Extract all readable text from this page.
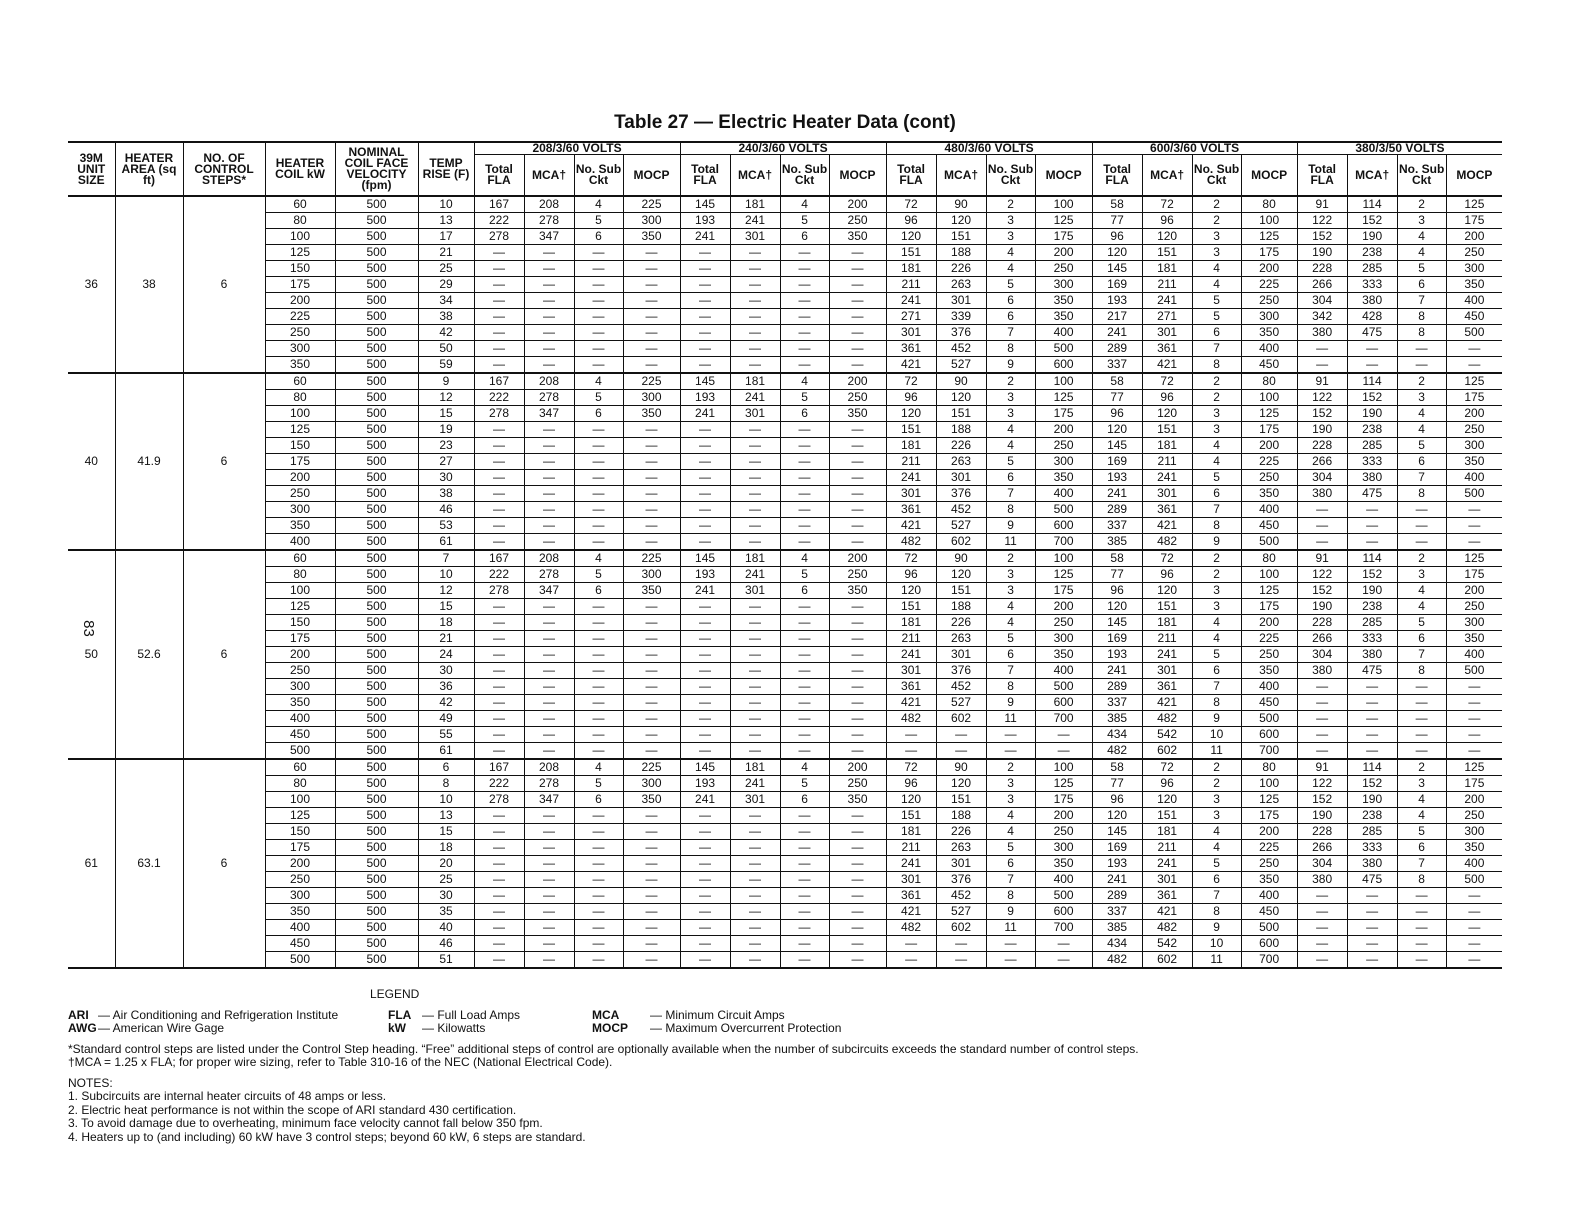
Table 27 — Electric Heater Data (cont)
83
39M UNIT SIZE	HEATER AREA (sq ft)	NO. OF CONTROL STEPS*	HEATER COIL kW	NOMINAL COIL FACE VELOCITY (fpm)	TEMP RISE (F)	208/3/60 VOLTS				240/3/60 VOLTS				480/3/60 VOLTS				600/3/60 VOLTS				380/3/50 VOLTS			
						Total FLA	MCA†	No. Sub Ckt	MOCP	Total FLA	MCA†	No. Sub Ckt	MOCP	Total FLA	MCA†	No. Sub Ckt	MOCP	Total FLA	MCA†	No. Sub Ckt	MOCP	Total FLA	MCA†	No. Sub Ckt	MOCP
36	38	6	60	500	10	167	208	4	225	145	181	4	200	72	90	2	100	58	72	2	80	91	114	2	125
			80	500	13	222	278	5	300	193	241	5	250	96	120	3	125	77	96	2	100	122	152	3	175
			100	500	17	278	347	6	350	241	301	6	350	120	151	3	175	96	120	3	125	152	190	4	200
			125	500	21	—	—	—	—	—	—	—	—	151	188	4	200	120	151	3	175	190	238	4	250
			150	500	25	—	—	—	—	—	—	—	—	181	226	4	250	145	181	4	200	228	285	5	300
			175	500	29	—	—	—	—	—	—	—	—	211	263	5	300	169	211	4	225	266	333	6	350
			200	500	34	—	—	—	—	—	—	—	—	241	301	6	350	193	241	5	250	304	380	7	400
			225	500	38	—	—	—	—	—	—	—	—	271	339	6	350	217	271	5	300	342	428	8	450
			250	500	42	—	—	—	—	—	—	—	—	301	376	7	400	241	301	6	350	380	475	8	500
			300	500	50	—	—	—	—	—	—	—	—	361	452	8	500	289	361	7	400	—	—	—	—
			350	500	59	—	—	—	—	—	—	—	—	421	527	9	600	337	421	8	450	—	—	—	—
40	41.9	6	60	500	9	167	208	4	225	145	181	4	200	72	90	2	100	58	72	2	80	91	114	2	125
			80	500	12	222	278	5	300	193	241	5	250	96	120	3	125	77	96	2	100	122	152	3	175
			100	500	15	278	347	6	350	241	301	6	350	120	151	3	175	96	120	3	125	152	190	4	200
			125	500	19	—	—	—	—	—	—	—	—	151	188	4	200	120	151	3	175	190	238	4	250
			150	500	23	—	—	—	—	—	—	—	—	181	226	4	250	145	181	4	200	228	285	5	300
			175	500	27	—	—	—	—	—	—	—	—	211	263	5	300	169	211	4	225	266	333	6	350
			200	500	30	—	—	—	—	—	—	—	—	241	301	6	350	193	241	5	250	304	380	7	400
			250	500	38	—	—	—	—	—	—	—	—	301	376	7	400	241	301	6	350	380	475	8	500
			300	500	46	—	—	—	—	—	—	—	—	361	452	8	500	289	361	7	400	—	—	—	—
			350	500	53	—	—	—	—	—	—	—	—	421	527	9	600	337	421	8	450	—	—	—	—
			400	500	61	—	—	—	—	—	—	—	—	482	602	11	700	385	482	9	500	—	—	—	—
50	52.6	6	60	500	7	167	208	4	225	145	181	4	200	72	90	2	100	58	72	2	80	91	114	2	125
			80	500	10	222	278	5	300	193	241	5	250	96	120	3	125	77	96	2	100	122	152	3	175
			100	500	12	278	347	6	350	241	301	6	350	120	151	3	175	96	120	3	125	152	190	4	200
			125	500	15	—	—	—	—	—	—	—	—	151	188	4	200	120	151	3	175	190	238	4	250
			150	500	18	—	—	—	—	—	—	—	—	181	226	4	250	145	181	4	200	228	285	5	300
			175	500	21	—	—	—	—	—	—	—	—	211	263	5	300	169	211	4	225	266	333	6	350
			200	500	24	—	—	—	—	—	—	—	—	241	301	6	350	193	241	5	250	304	380	7	400
			250	500	30	—	—	—	—	—	—	—	—	301	376	7	400	241	301	6	350	380	475	8	500
			300	500	36	—	—	—	—	—	—	—	—	361	452	8	500	289	361	7	400	—	—	—	—
			350	500	42	—	—	—	—	—	—	—	—	421	527	9	600	337	421	8	450	—	—	—	—
			400	500	49	—	—	—	—	—	—	—	—	482	602	11	700	385	482	9	500	—	—	—	—
			450	500	55	—	—	—	—	—	—	—	—	—	—	—	—	434	542	10	600	—	—	—	—
			500	500	61	—	—	—	—	—	—	—	—	—	—	—	—	482	602	11	700	—	—	—	—
61	63.1	6	60	500	6	167	208	4	225	145	181	4	200	72	90	2	100	58	72	2	80	91	114	2	125
			80	500	8	222	278	5	300	193	241	5	250	96	120	3	125	77	96	2	100	122	152	3	175
			100	500	10	278	347	6	350	241	301	6	350	120	151	3	175	96	120	3	125	152	190	4	200
			125	500	13	—	—	—	—	—	—	—	—	151	188	4	200	120	151	3	175	190	238	4	250
			150	500	15	—	—	—	—	—	—	—	—	181	226	4	250	145	181	4	200	228	285	5	300
			175	500	18	—	—	—	—	—	—	—	—	211	263	5	300	169	211	4	225	266	333	6	350
			200	500	20	—	—	—	—	—	—	—	—	241	301	6	350	193	241	5	250	304	380	7	400
			250	500	25	—	—	—	—	—	—	—	—	301	376	7	400	241	301	6	350	380	475	8	500
			300	500	30	—	—	—	—	—	—	—	—	361	452	8	500	289	361	7	400	—	—	—	—
			350	500	35	—	—	—	—	—	—	—	—	421	527	9	600	337	421	8	450	—	—	—	—
			400	500	40	—	—	—	—	—	—	—	—	482	602	11	700	385	482	9	500	—	—	—	—
			450	500	46	—	—	—	—	—	—	—	—	—	—	—	—	434	542	10	600	—	—	—	—
			500	500	51	—	—	—	—	—	—	—	—	—	—	—	—	482	602	11	700	—	—	—	—
LEGEND
ARI — Air Conditioning and Refrigeration Institute	FLA — Full Load Amps	MCA	— Minimum Circuit Amps
AWG — American Wire Gage	kW	— Kilowatts	MOCP	— Maximum Overcurrent Protection
*Standard control steps are listed under the Control Step heading. “Free” additional steps of control are optionally available when the number of subcircuits exceeds the standard number of control steps.
†MCA = 1.25 x FLA; for proper wire sizing, refer to Table 310-16 of the NEC (National Electrical Code).
NOTES:
1. Subcircuits are internal heater circuits of 48 amps or less.
2. Electric heat performance is not within the scope of ARI standard 430 certification.
3. To avoid damage due to overheating, minimum face velocity cannot fall below 350 fpm.
4. Heaters up to (and including) 60 kW have 3 control steps; beyond 60 kW, 6 steps are standard.
